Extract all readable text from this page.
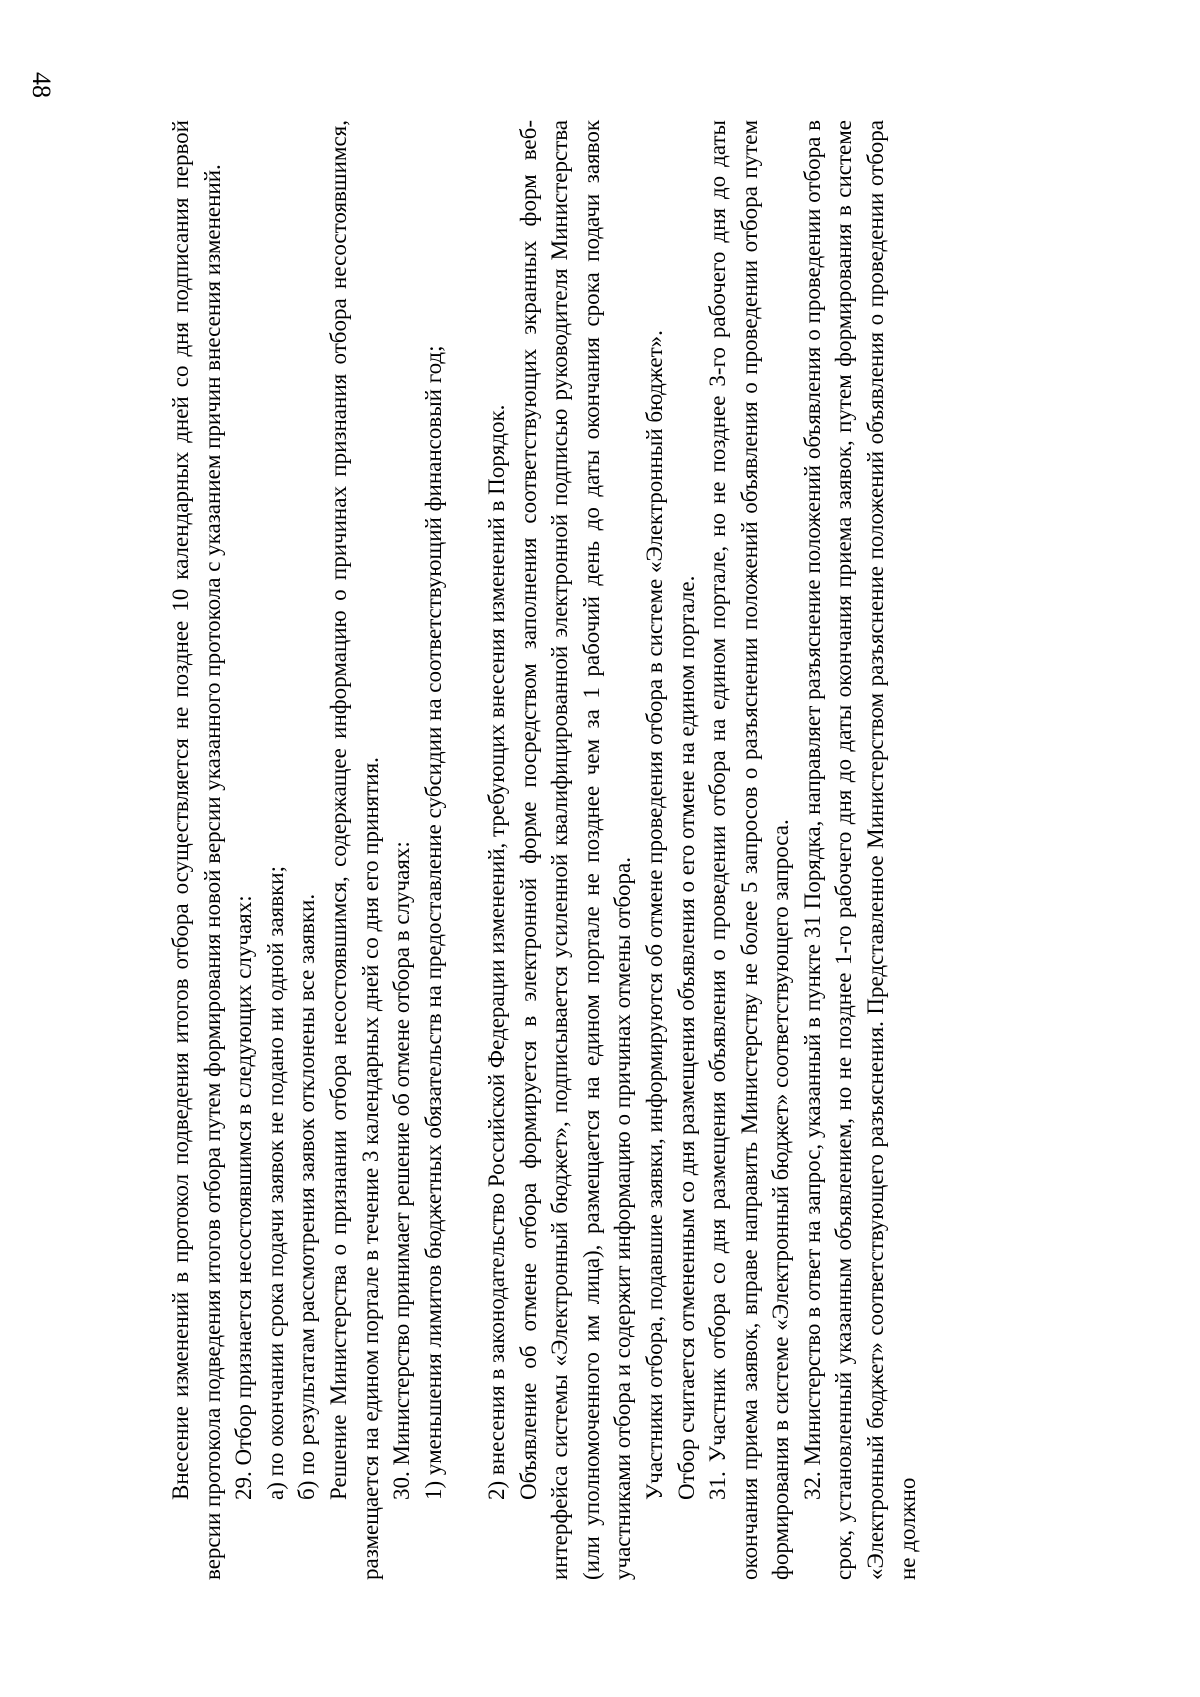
48

Внесение изменений в протокол подведения итогов отбора осуществляется не позднее 10 календарных дней со дня подписания первой версии протокола подведения итогов отбора путем формирования новой версии указанного протокола с указанием причин внесения изменений. 29. Отбор признается несостоявшимся в следующих случаях: а) по окончании срока подачи заявок не подано ни одной заявки; б) по результатам рассмотрения заявок отклонены все заявки. Решение Министерства о признании отбора несостоявшимся, содержащее информацию о причинах признания отбора несостоявшимся, размещается на едином портале в течение 3 календарных дней со дня его принятия. 30. Министерство принимает решение об отмене отбора в случаях: 1) уменьшения лимитов бюджетных обязательств на предоставление субсидии на соответствующий финансовый год; 2) внесения в законодательство Российской Федерации изменений, требующих внесения изменений в Порядок. Объявление об отмене отбора формируется в электронной форме посредством заполнения соответствующих экранных форм веб-интерфейса системы «Электронный бюджет», подписывается усиленной квалифицированной электронной подписью руководителя Министерства (или уполномоченного им лица), размещается на едином портале не позднее чем за 1 рабочий день до даты окончания срока подачи заявок участниками отбора и содержит информацию о причинах отмены отбора. Участники отбора, подавшие заявки, информируются об отмене проведения отбора в системе «Электронный бюджет». Отбор считается отмененным со дня размещения объявления о его отмене на едином портале. 31. Участник отбора со дня размещения объявления о проведении отбора на едином портале, но не позднее 3-го рабочего дня до даты окончания приема заявок, вправе направить Министерству не более 5 запросов о разъяснении положений объявления о проведении отбора путем формирования в системе «Электронный бюджет» соответствующего запроса. 32. Министерство в ответ на запрос, указанный в пункте 31 Порядка, направляет разъяснение положений объявления о проведении отбора в срок, установленный указанным объявлением, но не позднее 1-го рабочего дня до даты окончания приема заявок, путем формирования в системе «Электронный бюджет» соответствующего разъяснения. Представленное Министерством разъяснение положений объявления о проведении отбора не должно
